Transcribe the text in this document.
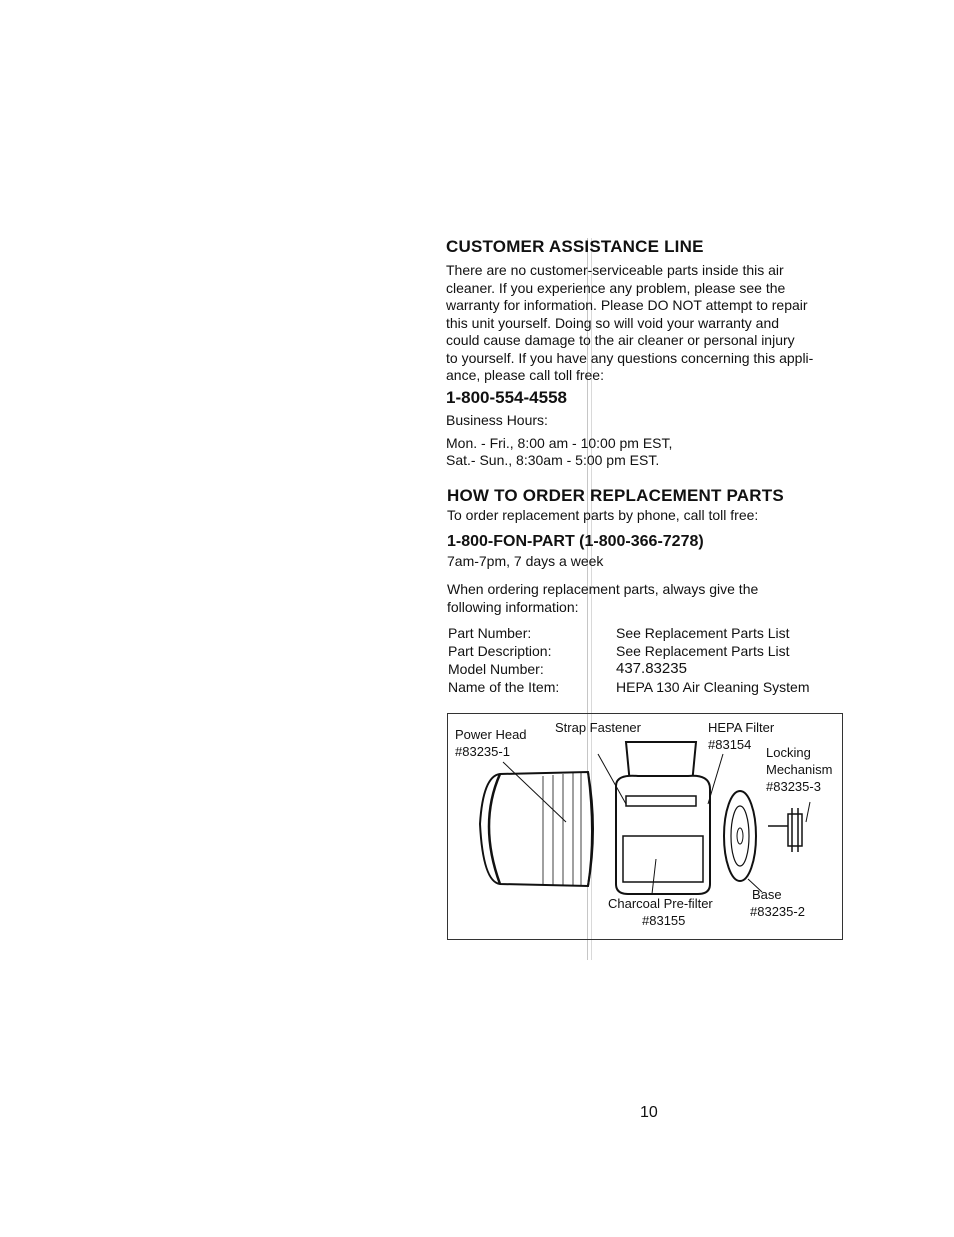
CUSTOMER ASSISTANCE LINE
There are no customer-serviceable parts inside this air
cleaner. If you experience any problem, please see the
warranty for information. Please DO NOT attempt to repair
this unit yourself. Doing so will void your warranty and
could cause damage to the air cleaner or personal injury
to yourself. If you have any questions concerning this appli-
ance, please call toll free:
1-800-554-4558
Business Hours:
Mon. - Fri., 8:00 am - 10:00 pm EST,
Sat.- Sun., 8:30am - 5:00 pm EST.
HOW TO ORDER REPLACEMENT PARTS
To order replacement parts by phone, call toll free:
1-800-FON-PART (1-800-366-7278)
7am-7pm, 7 days a week
When ordering replacement parts, always give the
following information:
Part Number:	See Replacement Parts List
Part Description:	See Replacement Parts List
Model Number:	437.83235
Name of the Item:	HEPA 130 Air Cleaning System
Power Head
#83235-1
Strap Fastener	HEPA Filter
#83154
Locking
Mechanism
#83235-3
Charcoal Pre-filter
#83155
Base
#83235-2
10
